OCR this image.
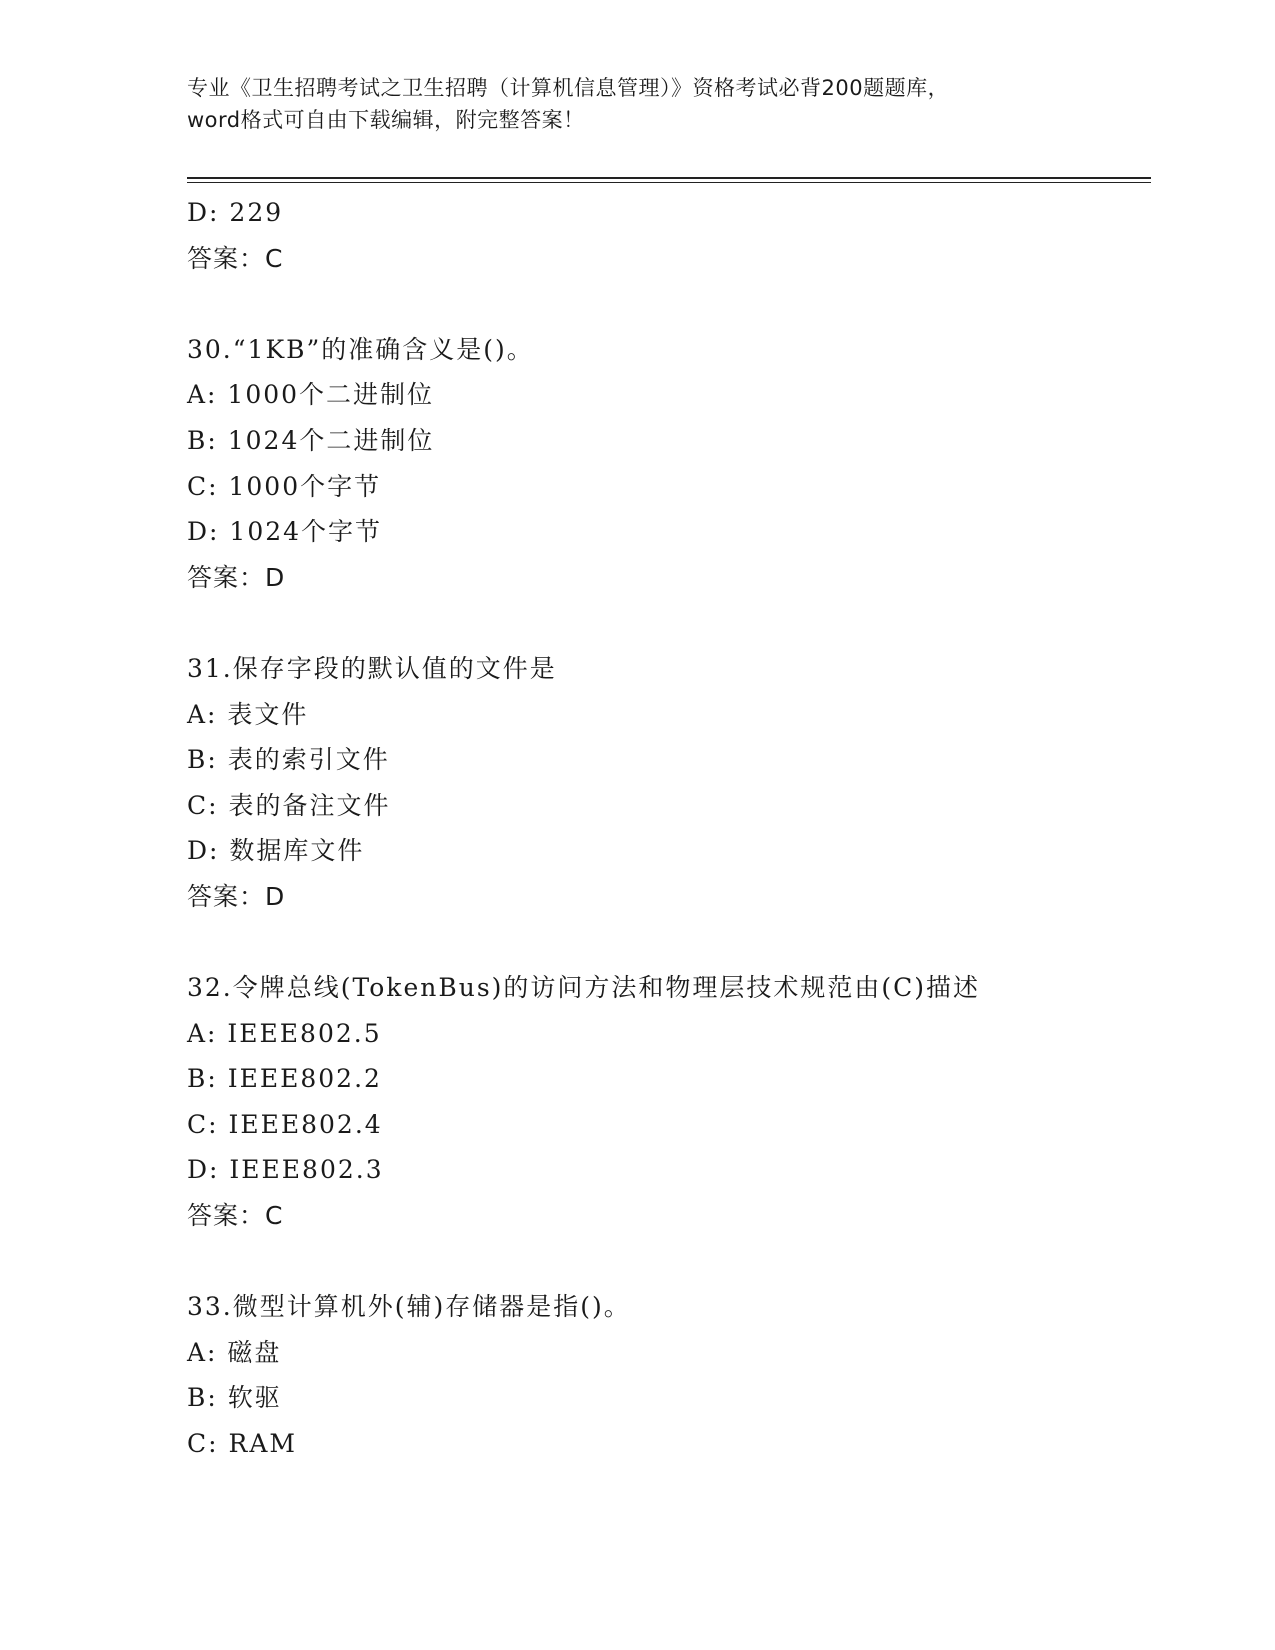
专业《卫生招聘考试之卫生招聘（计算机信息管理）》资格考试必背200题题库，
word格式可自由下载编辑，附完整答案！
D: 229
答案：C
30.“1KB”的准确含义是()。
A: 1000个二进制位
B: 1024个二进制位
C: 1000个字节
D: 1024个字节
答案：D
31.保存字段的默认值的文件是
A: 表文件
B: 表的索引文件
C: 表的备注文件
D: 数据库文件
答案：D
32.令牌总线(TokenBus)的访问方法和物理层技术规范由(C)描述
A: IEEE802.5
B: IEEE802.2
C: IEEE802.4
D: IEEE802.3
答案：C
33.微型计算机外(辅)存储器是指()。
A: 磁盘
B: 软驱
C: RAM
